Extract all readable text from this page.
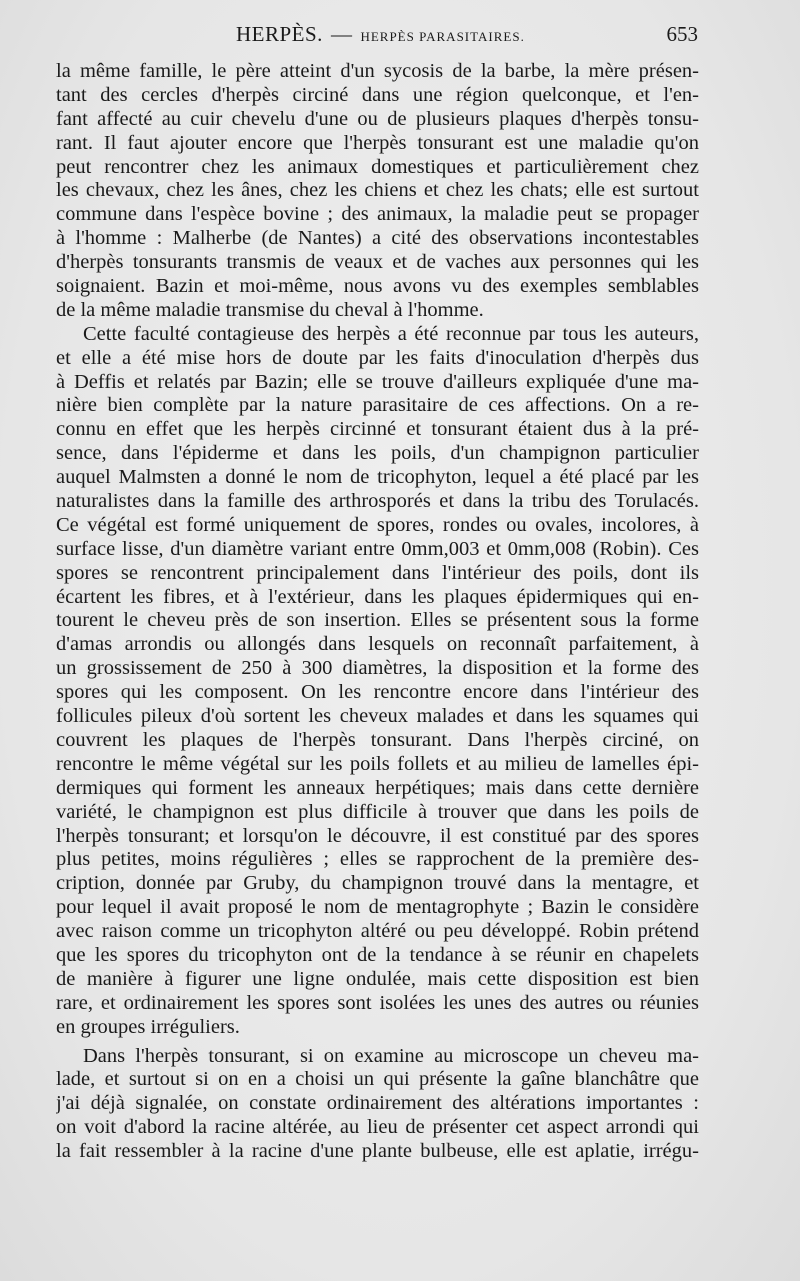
HERPÈS. — HERPÈS PARASITAIRES.	653
la même famille, le père atteint d'un sycosis de la barbe, la mère présen-
tant des cercles d'herpès circiné dans une région quelconque, et l'en-
fant affecté au cuir chevelu d'une ou de plusieurs plaques d'herpès tonsu-
rant. Il faut ajouter encore que l'herpès tonsurant est une maladie qu'on
peut rencontrer chez les animaux domestiques et particulièrement chez
les chevaux, chez les ânes, chez les chiens et chez les chats; elle est surtout
commune dans l'espèce bovine ; des animaux, la maladie peut se propager
à l'homme : Malherbe (de Nantes) a cité des observations incontestables
d'herpès tonsurants transmis de veaux et de vaches aux personnes qui les
soignaient. Bazin et moi-même, nous avons vu des exemples semblables
de la même maladie transmise du cheval à l'homme.
Cette faculté contagieuse des herpès a été reconnue par tous les auteurs,
et elle a été mise hors de doute par les faits d'inoculation d'herpès dus
à Deffis et relatés par Bazin; elle se trouve d'ailleurs expliquée d'une ma-
nière bien complète par la nature parasitaire de ces affections. On a re-
connu en effet que les herpès circinné et tonsurant étaient dus à la pré-
sence, dans l'épiderme et dans les poils, d'un champignon particulier
auquel Malmsten a donné le nom de tricophyton, lequel a été placé par les
naturalistes dans la famille des arthrosporés et dans la tribu des Torulacés.
Ce végétal est formé uniquement de spores, rondes ou ovales, incolores, à
surface lisse, d'un diamètre variant entre 0mm,003 et 0mm,008 (Robin). Ces
spores se rencontrent principalement dans l'intérieur des poils, dont ils
écartent les fibres, et à l'extérieur, dans les plaques épidermiques qui en-
tourent le cheveu près de son insertion. Elles se présentent sous la forme
d'amas arrondis ou allongés dans lesquels on reconnaît parfaitement, à
un grossissement de 250 à 300 diamètres, la disposition et la forme des
spores qui les composent. On les rencontre encore dans l'intérieur des
follicules pileux d'où sortent les cheveux malades et dans les squames qui
couvrent les plaques de l'herpès tonsurant. Dans l'herpès circiné, on
rencontre le même végétal sur les poils follets et au milieu de lamelles épi-
dermiques qui forment les anneaux herpétiques; mais dans cette dernière
variété, le champignon est plus difficile à trouver que dans les poils de
l'herpès tonsurant; et lorsqu'on le découvre, il est constitué par des spores
plus petites, moins régulières ; elles se rapprochent de la première des-
cription, donnée par Gruby, du champignon trouvé dans la mentagre, et
pour lequel il avait proposé le nom de mentagrophyte ; Bazin le considère
avec raison comme un tricophyton altéré ou peu développé. Robin prétend
que les spores du tricophyton ont de la tendance à se réunir en chapelets
de manière à figurer une ligne ondulée, mais cette disposition est bien
rare, et ordinairement les spores sont isolées les unes des autres ou réunies
en groupes irréguliers.
Dans l'herpès tonsurant, si on examine au microscope un cheveu ma-
lade, et surtout si on en a choisi un qui présente la gaîne blanchâtre que
j'ai déjà signalée, on constate ordinairement des altérations importantes :
on voit d'abord la racine altérée, au lieu de présenter cet aspect arrondi qui
la fait ressembler à la racine d'une plante bulbeuse, elle est aplatie, irrégu-
